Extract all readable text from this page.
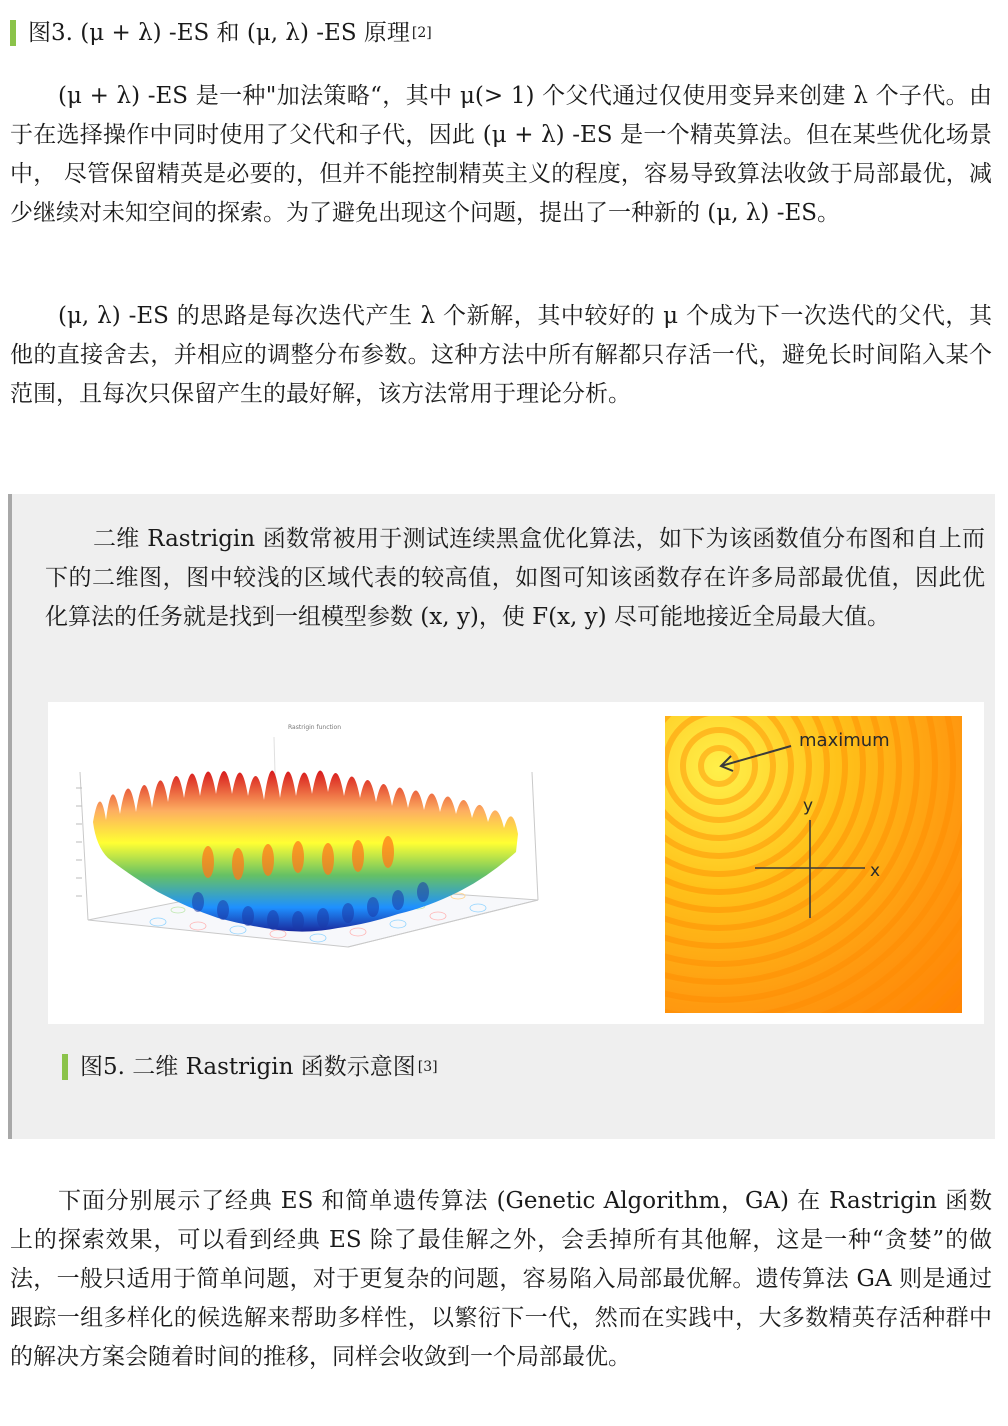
图3. (μ + λ) -ES 和 (μ, λ) -ES 原理 [2]

(μ + λ) -ES 是一种"加法策略“，其中 μ(> 1) 个父代通过仅使用变异来创建 λ 个子代。由于在选择操作中同时使用了父代和子代，因此 (μ + λ) -ES 是一个精英算法。但在某些优化场景中， 尽管保留精英是必要的，但并不能控制精英主义的程度，容易导致算法收敛于局部最优，减少继续对未知空间的探索。为了避免出现这个问题，提出了一种新的 (μ, λ) -ES。

(μ, λ) -ES 的思路是每次迭代产生 λ 个新解，其中较好的 μ 个成为下一次迭代的父代，其他的直接舍去，并相应的调整分布参数。这种方法中所有解都只存活一代，避免长时间陷入某个范围，且每次只保留产生的最好解，该方法常用于理论分析。

二维 Rastrigin 函数常被用于测试连续黑盒优化算法，如下为该函数值分布图和自上而下的二维图，图中较浅的区域代表的较高值，如图可知该函数存在许多局部最优值，因此优化算法的任务就是找到一组模型参数 (x, y)，使 F(x, y) 尽可能地接近全局最大值。

Rastrigin function
maximum
y
x
图5. 二维 Rastrigin 函数示意图 [3]

下面分别展示了经典 ES 和简单遗传算法 (Genetic Algorithm，GA) 在 Rastrigin 函数上的探索效果，可以看到经典 ES 除了最佳解之外，会丢掉所有其他解，这是一种“贪婪”的做法，一般只适用于简单问题，对于更复杂的问题，容易陷入局部最优解。遗传算法 GA 则是通过跟踪一组多样化的候选解来帮助多样性，以繁衍下一代，然而在实践中，大多数精英存活种群中的解决方案会随着时间的推移，同样会收敛到一个局部最优。
